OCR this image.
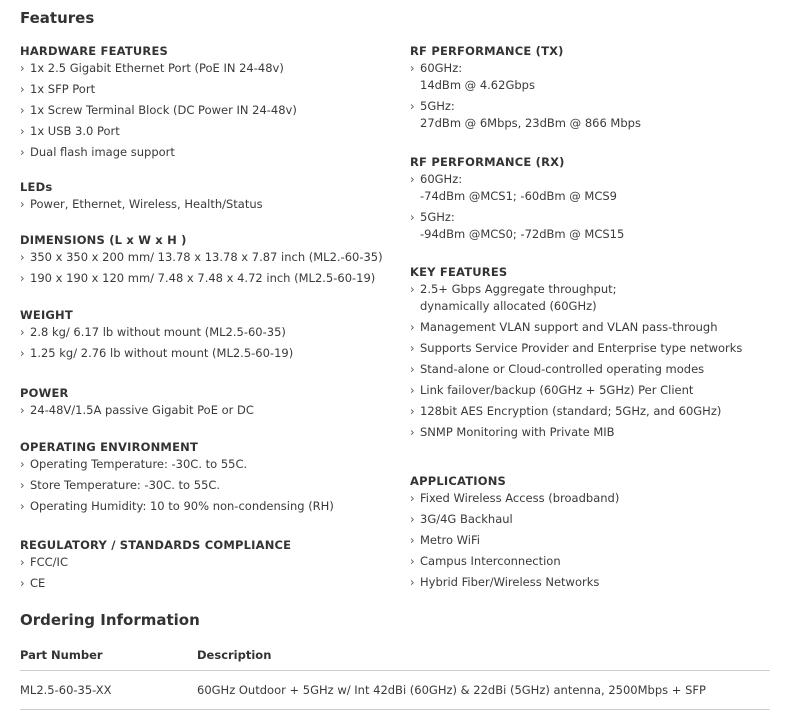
Features
HARDWARE FEATURES
› 1x 2.5 Gigabit Ethernet Port (PoE IN 24-48v)
› 1x SFP Port
› 1x Screw Terminal Block (DC Power IN 24-48v)
› 1x USB 3.0 Port
› Dual flash image support
LEDs
› Power, Ethernet, Wireless, Health/Status
DIMENSIONS (L x W x H )
› 350 x 350 x 200 mm/ 13.78 x 13.78 x 7.87 inch (ML2.-60-35)
› 190 x 190 x 120 mm/ 7.48 x 7.48 x 4.72 inch (ML2.5-60-19)
WEIGHT
› 2.8 kg/ 6.17 lb without mount (ML2.5-60-35)
› 1.25 kg/ 2.76 lb without mount (ML2.5-60-19)
POWER
› 24-48V/1.5A passive Gigabit PoE or DC
OPERATING ENVIRONMENT
› Operating Temperature: -30C. to 55C.
› Store Temperature: -30C. to 55C.
› Operating Humidity: 10 to 90% non-condensing (RH)
REGULATORY / STANDARDS COMPLIANCE
› FCC/IC
› CE
RF PERFORMANCE (TX)
› 60GHz:
14dBm @ 4.62Gbps
› 5GHz:
27dBm @ 6Mbps, 23dBm @ 866 Mbps
RF PERFORMANCE (RX)
› 60GHz:
-74dBm @MCS1; -60dBm @ MCS9
› 5GHz:
-94dBm @MCS0; -72dBm @ MCS15
KEY FEATURES
› 2.5+ Gbps Aggregate throughput;
dynamically allocated (60GHz)
› Management VLAN support and VLAN pass-through
› Supports Service Provider and Enterprise type networks
› Stand-alone or Cloud-controlled operating modes
› Link failover/backup (60GHz + 5GHz) Per Client
› 128bit AES Encryption (standard; 5GHz, and 60GHz)
› SNMP Monitoring with Private MIB
APPLICATIONS
› Fixed Wireless Access (broadband)
› 3G/4G Backhaul
› Metro WiFi
› Campus Interconnection
› Hybrid Fiber/Wireless Networks
Ordering Information
Part Number	Description
ML2.5-60-35-XX	60GHz Outdoor + 5GHz w/ Int 42dBi (60GHz) & 22dBi (5GHz) antenna, 2500Mbps + SFP
